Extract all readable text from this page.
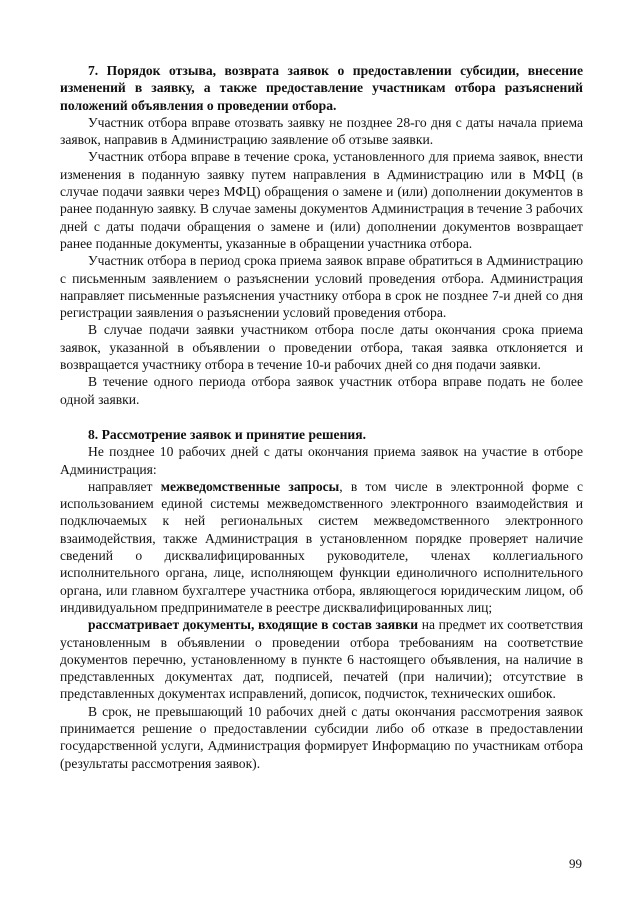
7. Порядок отзыва, возврата заявок о предоставлении субсидии, внесение изменений в заявку, а также предоставление участникам отбора разъяснений положений объявления о проведении отбора.

Участник отбора вправе отозвать заявку не позднее 28-го дня с даты начала приема заявок, направив в Администрацию заявление об отзыве заявки.

Участник отбора вправе в течение срока, установленного для приема заявок, внести изменения в поданную заявку путем направления в Администрацию или в МФЦ (в случае подачи заявки через МФЦ) обращения о замене и (или) дополнении документов в ранее поданную заявку. В случае замены документов Администрация в течение 3 рабочих дней с даты подачи обращения о замене и (или) дополнении документов возвращает ранее поданные документы, указанные в обращении участника отбора.

Участник отбора в период срока приема заявок вправе обратиться в Администрацию с письменным заявлением о разъяснении условий проведения отбора. Администрация направляет письменные разъяснения участнику отбора в срок не позднее 7-и дней со дня регистрации заявления о разъяснении условий проведения отбора.

В случае подачи заявки участником отбора после даты окончания срока приема заявок, указанной в объявлении о проведении отбора, такая заявка отклоняется и возвращается участнику отбора в течение 10-и рабочих дней со дня подачи заявки.

В течение одного периода отбора заявок участник отбора вправе подать не более одной заявки.

8. Рассмотрение заявок и принятие решения.

Не позднее 10 рабочих дней с даты окончания приема заявок на участие в отборе Администрация:

направляет межведомственные запросы, в том числе в электронной форме с использованием единой системы межведомственного электронного взаимодействия и подключаемых к ней региональных систем межведомственного электронного взаимодействия, также Администрация в установленном порядке проверяет наличие сведений о дисквалифицированных руководителе, членах коллегиального исполнительного органа, лице, исполняющем функции единоличного исполнительного органа, или главном бухгалтере участника отбора, являющегося юридическим лицом, об индивидуальном предпринимателе в реестре дисквалифицированных лиц;

рассматривает документы, входящие в состав заявки на предмет их соответствия установленным в объявлении о проведении отбора требованиям на соответствие документов перечню, установленному в пункте 6 настоящего объявления, на наличие в представленных документах дат, подписей, печатей (при наличии); отсутствие в представленных документах исправлений, дописок, подчисток, технических ошибок.

В срок, не превышающий 10 рабочих дней с даты окончания рассмотрения заявок принимается решение о предоставлении субсидии либо об отказе в предоставлении государственной услуги, Администрация формирует Информацию по участникам отбора (результаты рассмотрения заявок).

99
